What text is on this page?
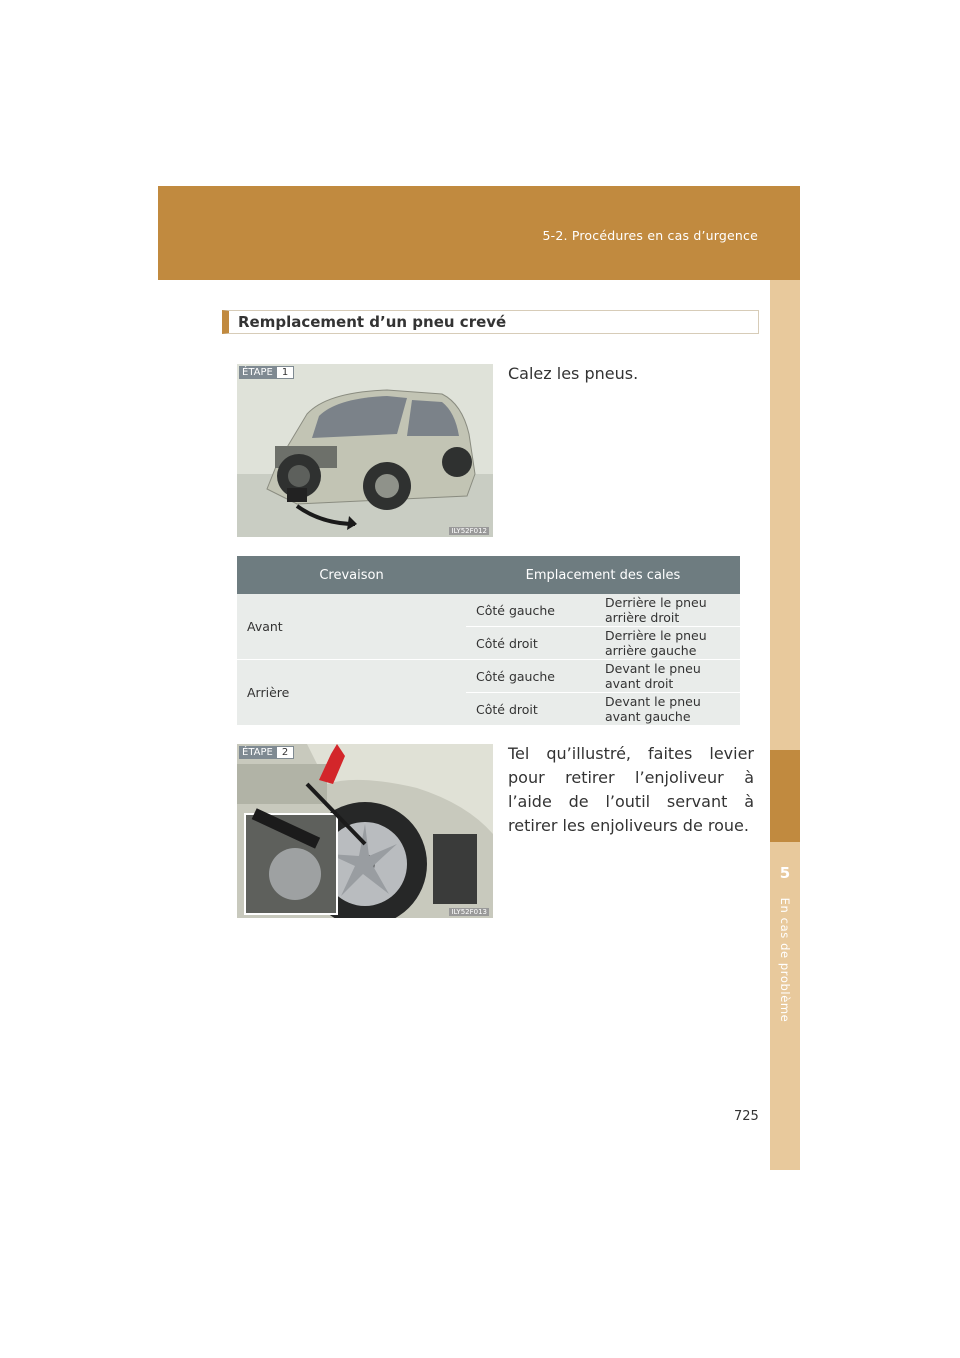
5-2. Procédures en cas d’urgence
5
En cas de problème
Remplacement d’un pneu crevé
ÉTAPE 1
ILY52F012
Calez les pneus.
Crevaison	Emplacement des cales	
Avant	Côté gauche	Derrière le pneu arrière droit
	Côté droit	Derrière le pneu arrière gauche
Arrière	Côté gauche	Devant le pneu avant droit
	Côté droit	Devant le pneu avant gauche
ÉTAPE 2
ILY52F013
Tel qu’illustré, faites levier pour retirer l’enjoliveur à l’aide de l’outil servant à retirer les enjoliveurs de roue.
725
